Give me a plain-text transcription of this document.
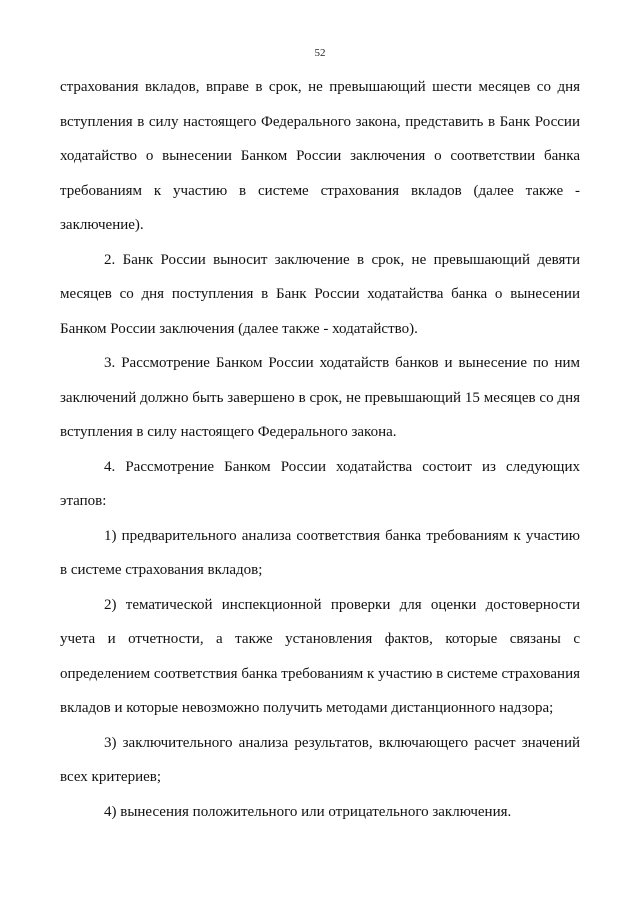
52

страхования вкладов, вправе в срок, не превышающий шести месяцев со дня вступления в силу настоящего Федерального закона, представить в Банк России ходатайство о вынесении Банком России заключения о соответствии банка требованиям к участию в системе страхования вкладов (далее также - заключение).

2. Банк России выносит заключение в срок, не превышающий девяти месяцев со дня поступления в Банк России ходатайства банка о вынесении Банком России заключения (далее также - ходатайство).

3. Рассмотрение Банком России ходатайств банков и вынесение по ним заключений должно быть завершено в срок, не превышающий 15 месяцев со дня вступления в силу настоящего Федерального закона.

4. Рассмотрение Банком России ходатайства состоит из следующих этапов:

1) предварительного анализа соответствия банка требованиям к участию в системе страхования вкладов;

2) тематической инспекционной проверки для оценки достоверности учета и отчетности, а также установления фактов, которые связаны с определением соответствия банка требованиям к участию в системе страхования вкладов и которые невозможно получить методами дистанционного надзора;

3) заключительного анализа результатов, включающего расчет значений всех критериев;

4) вынесения положительного или отрицательного заключения.
